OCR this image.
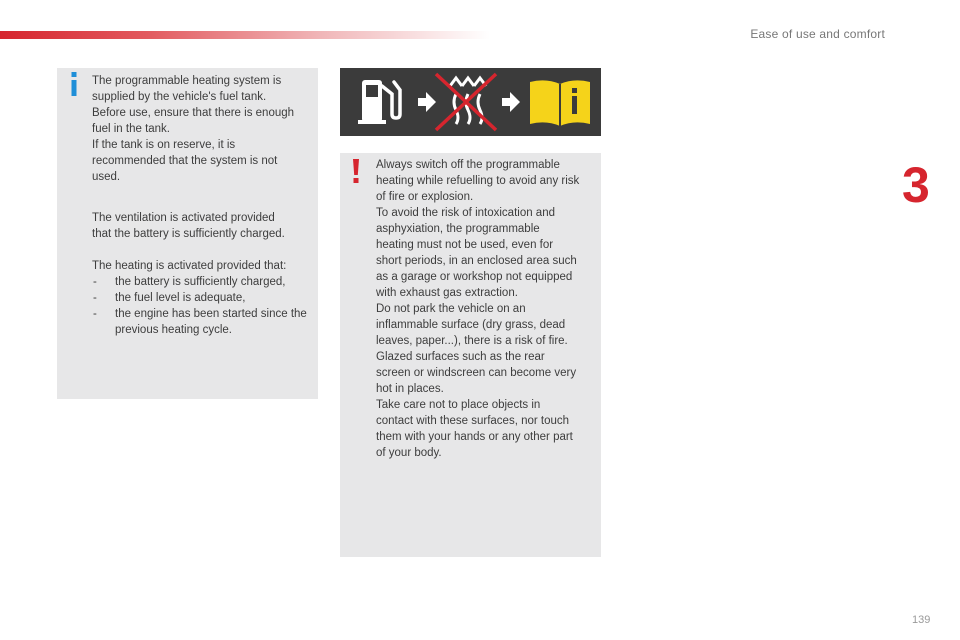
Ease of use and comfort
3

The programmable heating system is
supplied by the vehicle's fuel tank.
Before use, ensure that there is enough
fuel in the tank.
If the tank is on reserve, it is
recommended that the system is not
used.

The ventilation is activated provided
that the battery is sufficiently charged.

The heating is activated provided that:

- the battery is sufficiently charged,
- the fuel level is adequate,
- the engine has been started since the previous heating cycle.

Always switch off the programmable
heating while refuelling to avoid any risk
of fire or explosion.
To avoid the risk of intoxication and
asphyxiation, the programmable
heating must not be used, even for
short periods, in an enclosed area such
as a garage or workshop not equipped
with exhaust gas extraction.
Do not park the vehicle on an
inflammable surface (dry grass, dead
leaves, paper...), there is a risk of fire.
Glazed surfaces such as the rear
screen or windscreen can become very
hot in places.
Take care not to place objects in
contact with these surfaces, nor touch
them with your hands or any other part
of your body.

139
